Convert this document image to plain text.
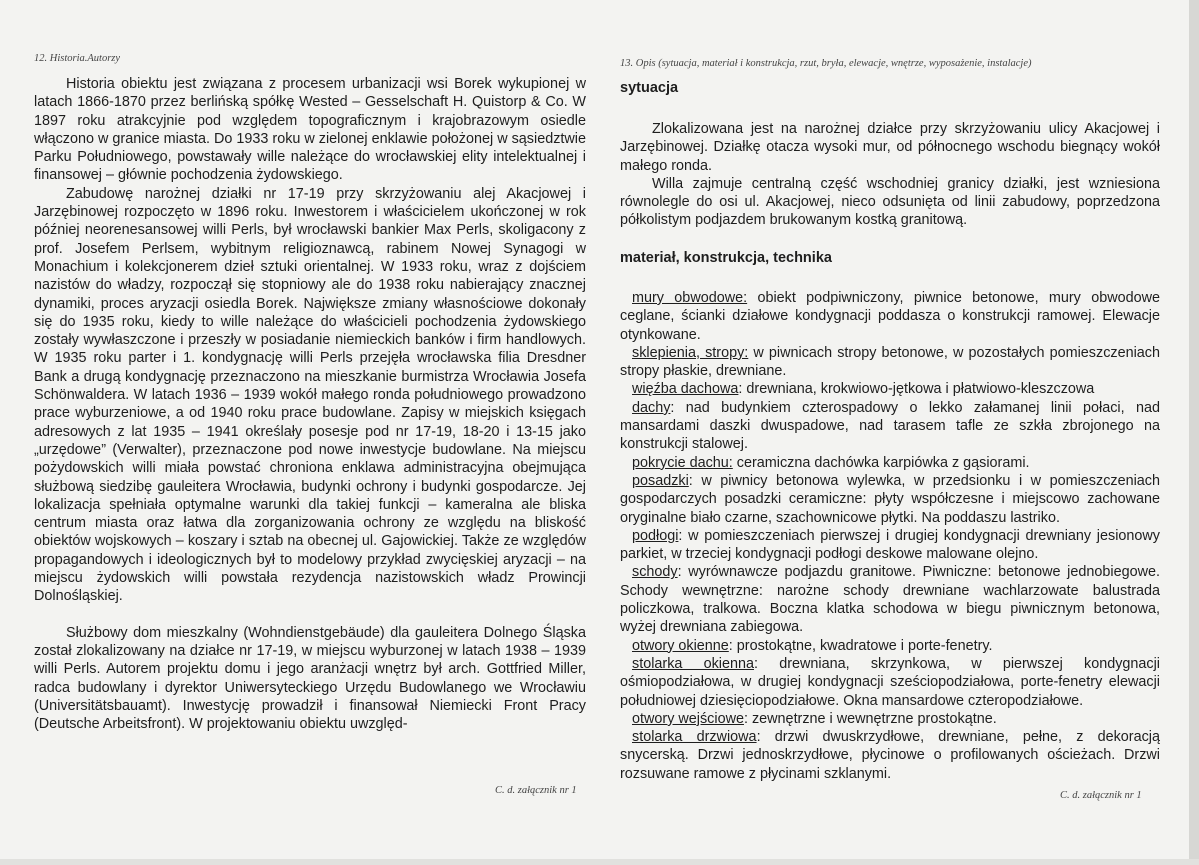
12. Historia.Autorzy

Historia obiektu jest związana z procesem urbanizacji wsi Borek wykupionej w latach 1866-1870 przez berlińską spółkę Wested – Gesselschaft H. Quistorp & Co. W 1897 roku atrakcyjnie pod względem topograficznym i krajobrazowym osiedle włączono w granice miasta. Do 1933 roku w zielonej enklawie położonej w sąsiedztwie Parku Południowego, powstawały wille należące do wrocławskiej elity intelektualnej i finansowej – głównie pochodzenia żydowskiego.

Zabudowę narożnej działki nr 17-19 przy skrzyżowaniu alej Akacjowej i Jarzębinowej rozpoczęto w 1896 roku. Inwestorem i właścicielem ukończonej w rok później neorenesansowej willi Perls, był wrocławski bankier Max Perls, skoligacony z prof. Josefem Perlsem, wybitnym religioznawcą, rabinem Nowej Synagogi w Monachium i kolekcjonerem dzieł sztuki orientalnej. W 1933 roku, wraz z dojściem nazistów do władzy, rozpoczął się stopniowy ale do 1938 roku nabierający znacznej dynamiki, proces aryzacji osiedla Borek. Największe zmiany własnościowe dokonały się do 1935 roku, kiedy to wille należące do właścicieli pochodzenia żydowskiego zostały wywłaszczone i przeszły w posiadanie niemieckich banków i firm handlowych. W 1935 roku parter i 1. kondygnację willi Perls przejęła wrocławska filia Dresdner Bank a drugą kondygnację przeznaczono na mieszkanie burmistrza Wrocławia Josefa Schönwaldera. W latach 1936 – 1939 wokół małego ronda południowego prowadzono prace wyburzeniowe, a od 1940 roku prace budowlane. Zapisy w miejskich księgach adresowych z lat 1935 – 1941 określały posesje pod nr 17-19, 18-20 i 13-15 jako „urzędowe” (Verwalter), przeznaczone pod nowe inwestycje budowlane. Na miejscu pożydowskich willi miała powstać chroniona enklawa administracyjna obejmująca służbową siedzibę gauleitera Wrocławia, budynki ochrony i budynki gospodarcze. Jej lokalizacja spełniała optymalne warunki dla takiej funkcji – kameralna ale bliska centrum miasta oraz łatwa dla zorganizowania ochrony ze względu na bliskość obiektów wojskowych – koszary i sztab na obecnej ul. Gajowickiej. Także ze względów propagandowych i ideologicznych był to modelowy przykład zwycięskiej aryzacji – na miejscu żydowskich willi powstała rezydencja nazistowskich władz Prowincji Dolnośląskiej.

Służbowy dom mieszkalny (Wohndienstgebäude) dla gauleitera Dolnego Śląska został zlokalizowany na działce nr 17-19, w miejscu wyburzonej w latach 1938 – 1939 willi Perls. Autorem projektu domu i jego aranżacji wnętrz był arch. Gottfried Miller, radca budowlany i dyrektor Uniwersyteckiego Urzędu Budowlanego we Wrocławiu (Universitätsbauamt). Inwestycję prowadził i finansował Niemiecki Front Pracy (Deutsche Arbeitsfront). W projektowaniu obiektu uwzględ-

C. d. załącznik nr 1
13. Opis (sytuacja, materiał i konstrukcja, rzut, bryła, elewacje, wnętrze, wyposażenie, instalacje)
sytuacja

Zlokalizowana jest na narożnej działce przy skrzyżowaniu ulicy Akacjowej i Jarzębinowej. Działkę otacza wysoki mur, od północnego wschodu biegnący wokół małego ronda.

Willa zajmuje centralną część wschodniej granicy działki, jest wzniesiona równolegle do osi ul. Akacjowej, nieco odsunięta od linii zabudowy, poprzedzona półkolistym podjazdem brukowanym kostką granitową.

materiał, konstrukcja, technika

mury obwodowe: obiekt podpiwniczony, piwnice betonowe, mury obwodowe ceglane, ścianki działowe kondygnacji poddasza o konstrukcji ramowej. Elewacje otynkowane.

sklepienia, stropy: w piwnicach stropy betonowe, w pozostałych pomieszczeniach stropy płaskie, drewniane.

więźba dachowa: drewniana, krokwiowo-jętkowa i płatwiowo-kleszczowa

dachy: nad budynkiem czterospadowy o lekko załamanej linii połaci, nad mansardami daszki dwuspadowe, nad tarasem tafle ze szkła zbrojonego na konstrukcji stalowej.

pokrycie dachu: ceramiczna dachówka karpiówka z gąsiorami.

posadzki: w piwnicy betonowa wylewka, w przedsionku i w pomieszczeniach gospodarczych posadzki ceramiczne: płyty współczesne i miejscowo zachowane oryginalne biało czarne, szachownicowe płytki. Na poddaszu lastriko.

podłogi: w pomieszczeniach pierwszej i drugiej kondygnacji drewniany jesionowy parkiet, w trzeciej kondygnacji podłogi deskowe malowane olejno.

schody: wyrównawcze podjazdu granitowe. Piwniczne: betonowe jednobiegowe. Schody wewnętrzne: narożne schody drewniane wachlarzowate balustrada policzkowa, tralkowa. Boczna klatka schodowa w biegu piwnicznym betonowa, wyżej drewniana zabiegowa.

otwory okienne: prostokątne, kwadratowe i porte-fenetry.

stolarka okienna: drewniana, skrzynkowa, w pierwszej kondygnacji ośmiopodziałowa, w drugiej kondygnacji sześciopodziałowa, porte-fenetry elewacji południowej dziesięciopodziałowe. Okna mansardowe czteropodziałowe.

otwory wejściowe: zewnętrzne i wewnętrzne prostokątne.

stolarka drzwiowa: drzwi dwuskrzydłowe, drewniane, pełne, z dekoracją snycerską. Drzwi jednoskrzydłowe, płycinowe o profilowanych ościeżach. Drzwi rozsuwane ramowe z płycinami szklanymi.

C. d. załącznik nr 1
